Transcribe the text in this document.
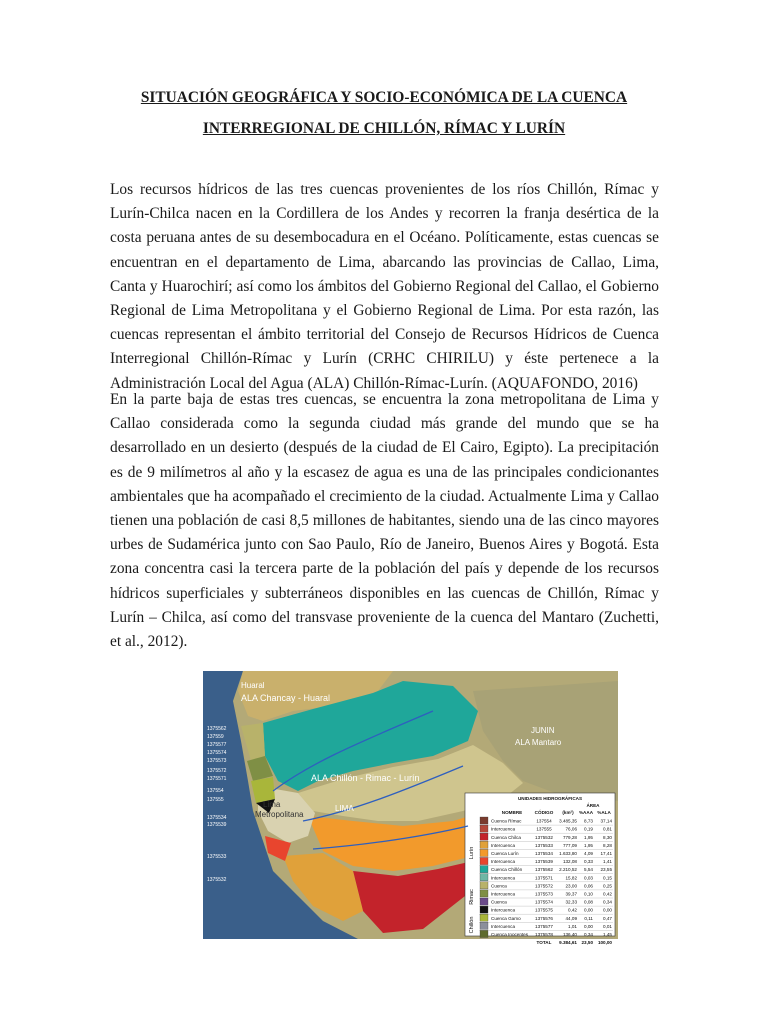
SITUACIÓN GEOGRÁFICA Y SOCIO-ECONÓMICA DE LA CUENCA
INTERREGIONAL DE CHILLÓN, RÍMAC Y LURÍN

Los recursos hídricos de las tres cuencas provenientes de los ríos Chillón, Rímac y Lurín-Chilca nacen en la Cordillera de los Andes y recorren la franja desértica de la costa peruana antes de su desembocadura en el Océano. Políticamente, estas cuencas se encuentran en el departamento de Lima, abarcando las provincias de Callao, Lima, Canta y Huarochirí; así como los ámbitos del Gobierno Regional del Callao, el Gobierno Regional de Lima Metropolitana y el Gobierno Regional de Lima. Por esta razón, las cuencas representan el ámbito territorial del Consejo de Recursos Hídricos de Cuenca Interregional Chillón-Rímac y Lurín (CRHC CHIRILU) y éste pertenece a la Administración Local del Agua (ALA) Chillón-Rímac-Lurín. (AQUAFONDO, 2016)

En la parte baja de estas tres cuencas, se encuentra la zona metropolitana de Lima y Callao considerada como la segunda ciudad más grande del mundo que se ha desarrollado en un desierto (después de la ciudad de El Cairo, Egipto). La precipitación es de 9 milímetros al año y la escasez de agua es una de las principales condicionantes ambientales que ha acompañado el crecimiento de la ciudad. Actualmente Lima y Callao tienen una población de casi 8,5 millones de habitantes, siendo una de las cinco mayores urbes de Sudamérica junto con Sao Paulo, Río de Janeiro, Buenos Aires y Bogotá. Esta zona concentra casi la tercera parte de la población del país y depende de los recursos hídricos superficiales y subterráneos disponibles en las cuencas de Chillón, Rímac y Lurín – Chilca, así como del transvase proveniente de la cuenca del Mantaro (Zuchetti, et al., 2012).

Huaral
ALA Chancay - Huaral
JUNIN
ALA Mantaro
ALA Chillón - Rimac - Lurín
Lima
Metropolitana
LIMA
1375562
137559
1375577
1375574
1375573
1375572
1375571
137554
137555
1375534
1375539
1375533
1375532
UNIDADES HIDROGRÁFICAS
ÁREA
NOMBRE	CÓDIGO (km²) %AAA %ALA
Cuenca Rímac	137554 3.485,35 8,73 37,14
Intercuenca	137555	76,06 0,19 0,81
Cuenca Chilca	1375532 779,28 1,95 8,30
Intercuenca	1375533 777,09 1,95 8,28
Cuenca Lurín	1375534 1.633,80 4,09 17,41
Intercuenca	1375539 132,08 0,33 1,41
Cuenca Chillón	1375562 2.210,52 5,54 23,55
Intercuenca	1375571	15,82 0,03 0,15
Cuenca	1375572	23,00 0,06 0,25
Intercuenca	1375573	39,37 0,10 0,42
Cuenca	1375574	32,33 0,08 0,34
Intercuenca	1375575	0,42 0,00 0,00
Cuenca Gamo	1375576	44,09 0,11 0,47
Intercuenca	1375577	1,01 0,00 0,01
Cuenca Inocentes 1375578 136,40 0,34 1,45
TOTAL 9.384,61 23,50 100,00
Lurín
Rimac
Chillón
